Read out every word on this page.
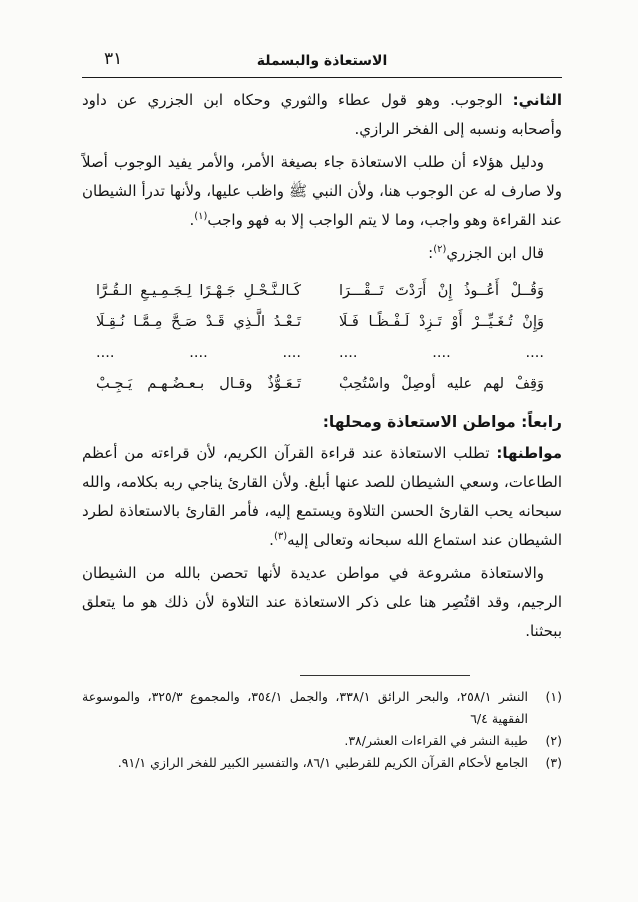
الاستعاذة والبسملة
٣١

الثاني: الوجوب. وهو قول عطاء والثوري وحكاه ابن الجزري عن داود وأصحابه ونسبه إلى الفخر الرازي.

ودليل هؤلاء أن طلب الاستعاذة جاء بصيغة الأمر، والأمر يفيد الوجوب أصلاً ولا صارف له عن الوجوب هنا، ولأن النبي ﷺ واظب عليها، ولأنها تدرأ الشيطان عند القراءة وهو واجب، وما لا يتم الواجب إلا به فهو واجب$^{(١)}$.

قال ابن الجزري$^{(٢)}$:

وَقُــلْ أَعُــوذُ إِنْ أَرَدْتَ تَــقْـــرَا
كَـالـنَّـحْـلِ جَـهْـرًا لِـجَـمِـيـعِ الـقُـرَّا
وَإِنْ تُـغَـيِّــرْ أَوْ تَـزِدْ لَـفْـظًـا فَـلَا
تَـعْـدُ الَّـذِي قَـدْ صَـحَّ مِـمَّـا نُـقِـلَا
.... .... ....
.... .... ....
وَقِفْ لهم عليه أوصِلْ واسْتُحِبْ
تَـعَـوُّذٌ وقـال بـعـضُـهـم يَـجِـبْ
رابعاً: مواطن الاستعاذة ومحلها:

مواطنها: تطلب الاستعاذة عند قراءة القرآن الكريم، لأن قراءته من أعظم الطاعات، وسعي الشيطان للصد عنها أبلغ. ولأن القارئ يناجي ربه بكلامه، والله سبحانه يحب القارئ الحسن التلاوة ويستمع إليه، فأمر القارئ بالاستعاذة لطرد الشيطان عند استماع الله سبحانه وتعالى إليه$^{(٣)}$.

والاستعاذة مشروعة في مواطن عديدة لأنها تحصن بالله من الشيطان الرجيم، وقد اقتُصِر هنا على ذكر الاستعاذة عند التلاوة لأن ذلك هو ما يتعلق ببحثنا.

(١)
النشر ٢٥٨/١، والبحر الرائق ٣٣٨/١، والجمل ٣٥٤/١، والمجموع ٣٢٥/٣، والموسوعة الفقهية ٦/٤
(٢)
طيبة النشر في القراءات العشر/٣٨.
(٣)
الجامع لأحكام القرآن الكريم للقرطبي ٨٦/١، والتفسير الكبير للفخر الرازي ٩١/١.
